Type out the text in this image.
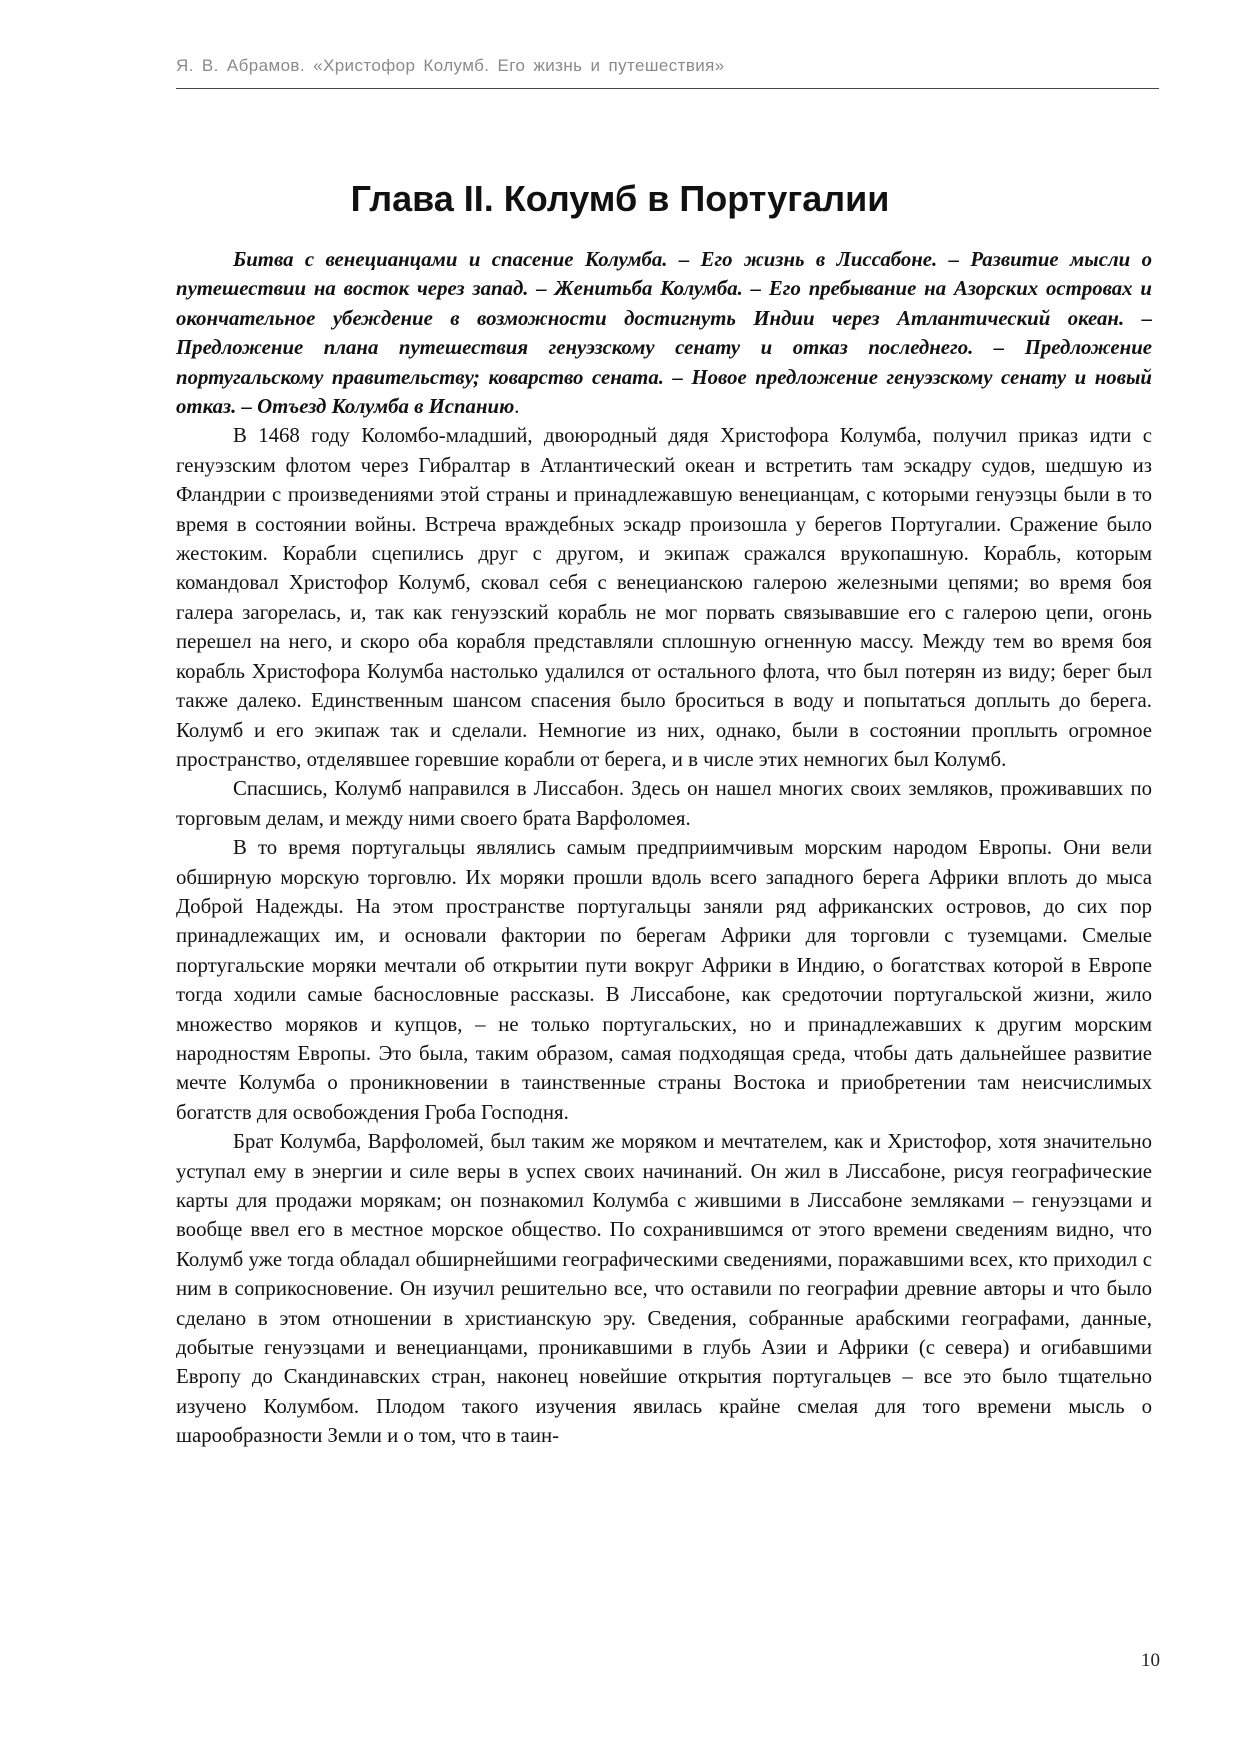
Я. В. Абрамов. «Христофор Колумб. Его жизнь и путешествия»
Глава II. Колумб в Португалии

Битва с венецианцами и спасение Колумба. – Его жизнь в Лиссабоне. – Развитие мысли о путешествии на восток через запад. – Женитьба Колумба. – Его пребывание на Азорских островах и окончательное убеждение в возможности достигнуть Индии через Атлантический океан. – Предложение плана путешествия генуэзскому сенату и отказ последнего. – Предложение португальскому правительству; коварство сената. – Новое предложение генуэзскому сенату и новый отказ. – Отъезд Колумба в Испанию.

В 1468 году Коломбо-младший, двоюродный дядя Христофора Колумба, получил приказ идти с генуэзским флотом через Гибралтар в Атлантический океан и встретить там эскадру судов, шедшую из Фландрии с произведениями этой страны и принадлежавшую венецианцам, с которыми генуэзцы были в то время в состоянии войны. Встреча враждебных эскадр произошла у берегов Португалии. Сражение было жестоким. Корабли сцепились друг с другом, и экипаж сражался врукопашную. Корабль, которым командовал Христофор Колумб, сковал себя с венецианскою галерою железными цепями; во время боя галера загорелась, и, так как генуэзский корабль не мог порвать связывавшие его с галерою цепи, огонь перешел на него, и скоро оба корабля представляли сплошную огненную массу. Между тем во время боя корабль Христофора Колумба настолько удалился от остального флота, что был потерян из виду; берег был также далеко. Единственным шансом спасения было броситься в воду и попытаться доплыть до берега. Колумб и его экипаж так и сделали. Немногие из них, однако, были в состоянии проплыть огромное пространство, отделявшее горевшие корабли от берега, и в числе этих немногих был Колумб.

Спасшись, Колумб направился в Лиссабон. Здесь он нашел многих своих земляков, проживавших по торговым делам, и между ними своего брата Варфоломея.

В то время португальцы являлись самым предприимчивым морским народом Европы. Они вели обширную морскую торговлю. Их моряки прошли вдоль всего западного берега Африки вплоть до мыса Доброй Надежды. На этом пространстве португальцы заняли ряд африканских островов, до сих пор принадлежащих им, и основали фактории по берегам Африки для торговли с туземцами. Смелые португальские моряки мечтали об открытии пути вокруг Африки в Индию, о богатствах которой в Европе тогда ходили самые баснословные рассказы. В Лиссабоне, как средоточии португальской жизни, жило множество моряков и купцов, – не только португальских, но и принадлежавших к другим морским народностям Европы. Это была, таким образом, самая подходящая среда, чтобы дать дальнейшее развитие мечте Колумба о проникновении в таинственные страны Востока и приобретении там неисчислимых богатств для освобождения Гроба Господня.

Брат Колумба, Варфоломей, был таким же моряком и мечтателем, как и Христофор, хотя значительно уступал ему в энергии и силе веры в успех своих начинаний. Он жил в Лиссабоне, рисуя географические карты для продажи морякам; он познакомил Колумба с жившими в Лиссабоне земляками – генуэзцами и вообще ввел его в местное морское общество. По сохранившимся от этого времени сведениям видно, что Колумб уже тогда обладал обширнейшими географическими сведениями, поражавшими всех, кто приходил с ним в соприкосновение. Он изучил решительно все, что оставили по географии древние авторы и что было сделано в этом отношении в христианскую эру. Сведения, собранные арабскими географами, данные, добытые генуэзцами и венецианцами, проникавшими в глубь Азии и Африки (с севера) и огибавшими Европу до Скандинавских стран, наконец новейшие открытия португальцев – все это было тщательно изучено Колумбом. Плодом такого изучения явилась крайне смелая для того времени мысль о шарообразности Земли и о том, что в таин-

10
